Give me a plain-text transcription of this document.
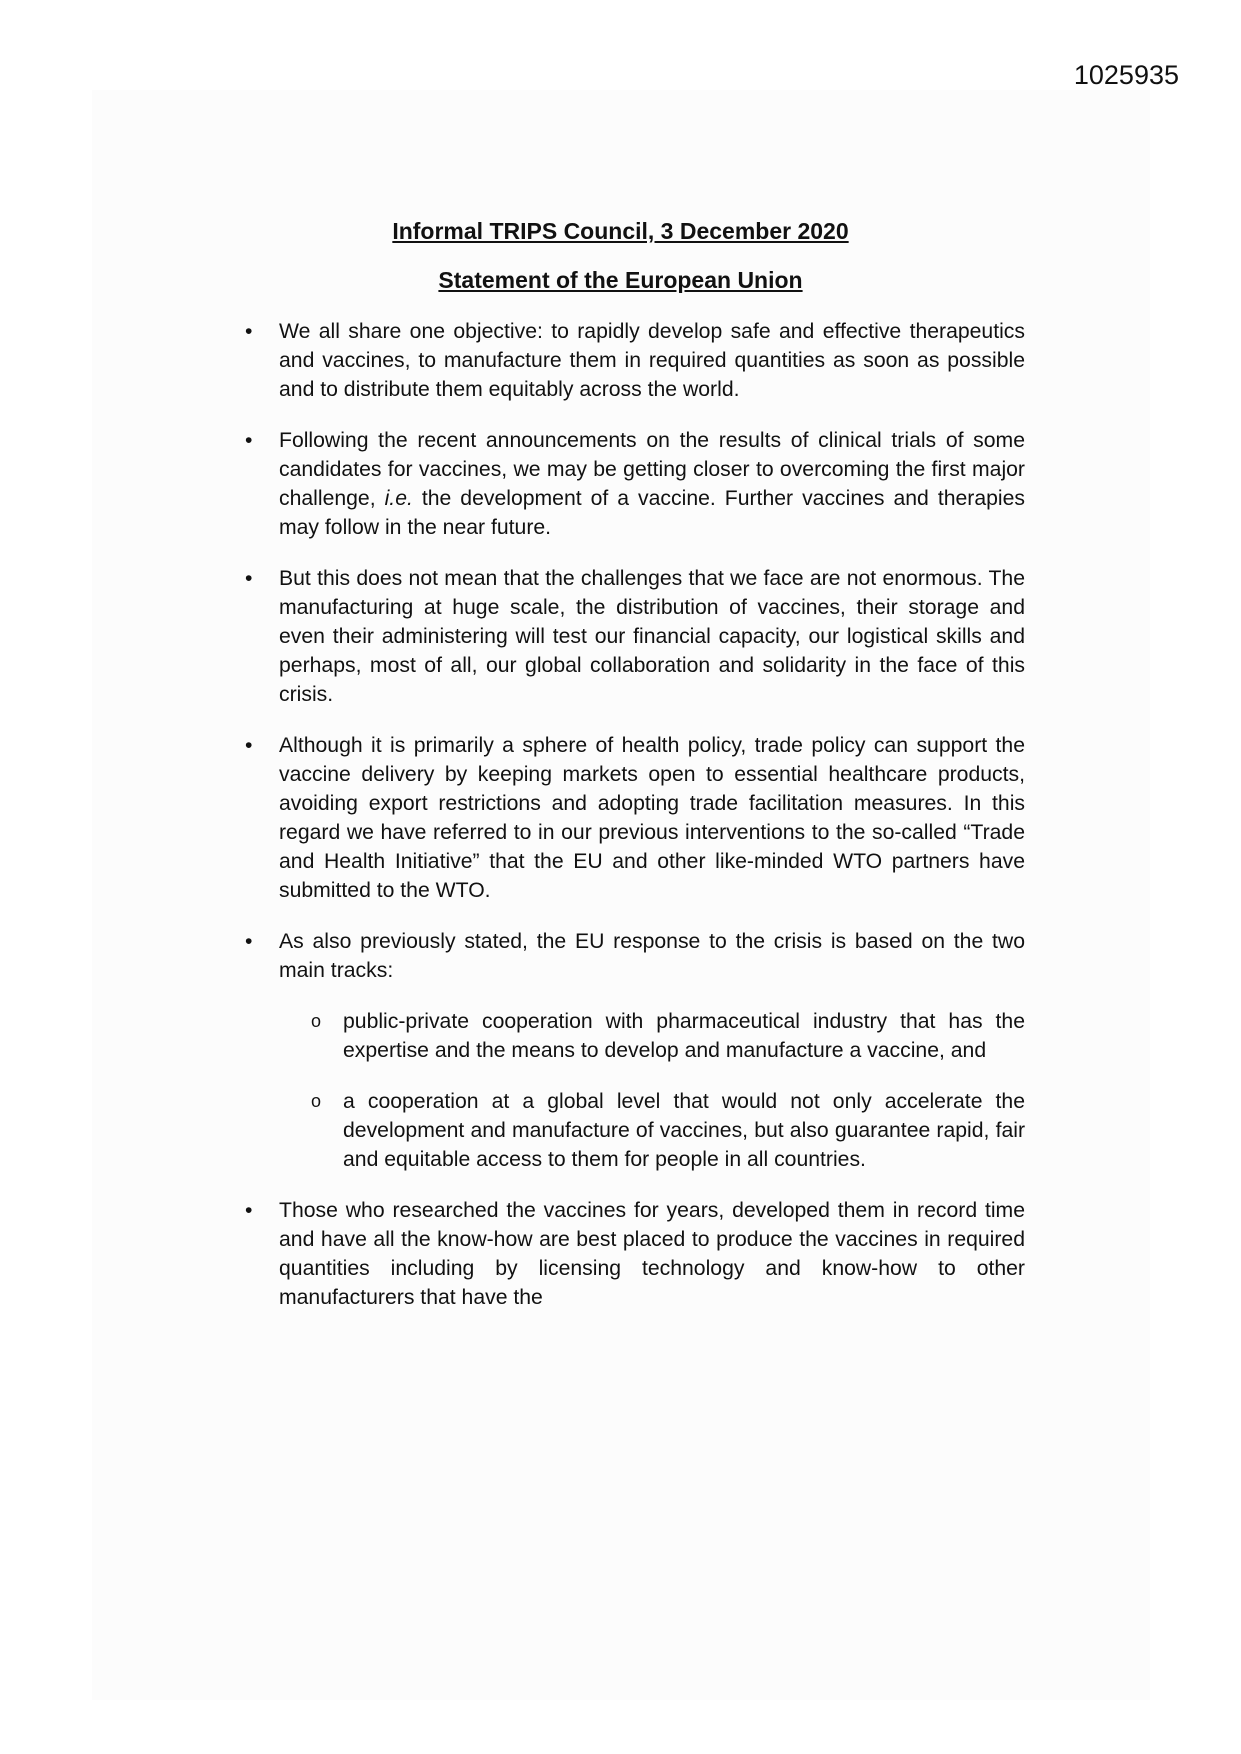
1025935
Informal TRIPS Council, 3 December 2020
Statement of the European Union
•	We all share one objective: to rapidly develop safe and effective therapeutics and vaccines, to manufacture them in required quantities as soon as possible and to distribute them equitably across the world.
•	Following the recent announcements on the results of clinical trials of some candidates for vaccines, we may be getting closer to overcoming the first major challenge, i.e. the development of a vaccine. Further vaccines and therapies may follow in the near future.
•	But this does not mean that the challenges that we face are not enormous. The manufacturing at huge scale, the distribution of vaccines, their storage and even their administering will test our financial capacity, our logistical skills and perhaps, most of all, our global collaboration and solidarity in the face of this crisis.
•	Although it is primarily a sphere of health policy, trade policy can support the vaccine delivery by keeping markets open to essential healthcare products, avoiding export restrictions and adopting trade facilitation measures. In this regard we have referred to in our previous interventions to the so-called “Trade and Health Initiative” that the EU and other like-minded WTO partners have submitted to the WTO.
•	As also previously stated, the EU response to the crisis is based on the two main tracks:
o public-private cooperation with pharmaceutical industry that has the expertise and the means to develop and manufacture a vaccine, and
o a cooperation at a global level that would not only accelerate the development and manufacture of vaccines, but also guarantee rapid, fair and equitable access to them for people in all countries.
•	Those who researched the vaccines for years, developed them in record time and have all the know-how are best placed to produce the vaccines in required quantities including by licensing technology and know-how to other manufacturers that have the
